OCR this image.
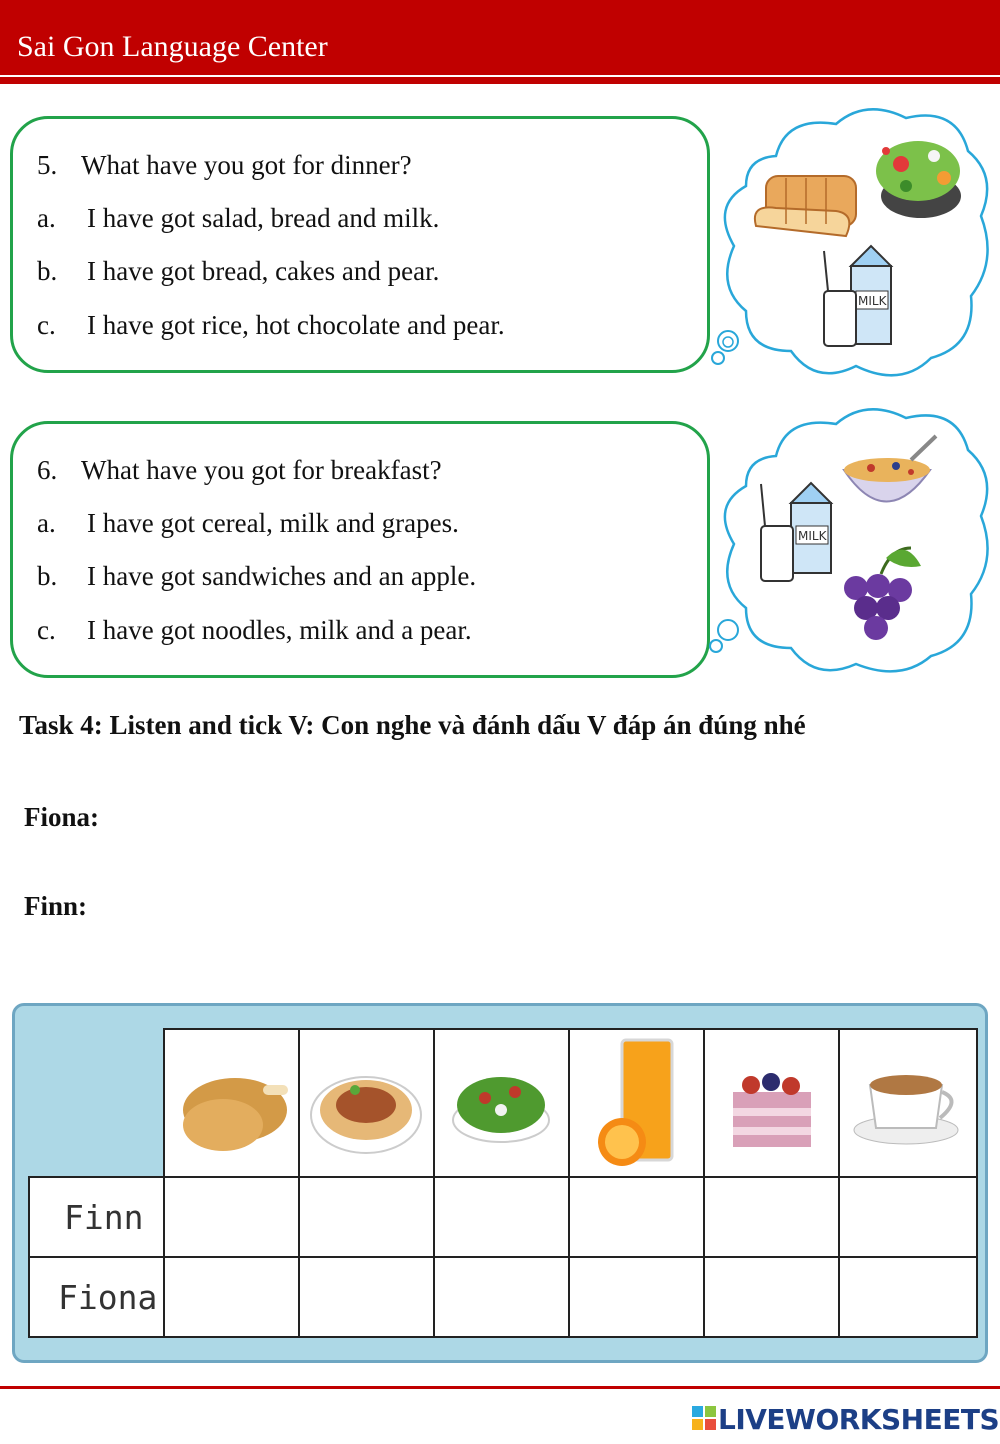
Sai Gon Language Center
5. What have you got for dinner?
a. I have got salad, bread and milk.
b. I have got bread, cakes and pear.
c. I have got rice, hot chocolate and pear.
MILK
6. What have you got for breakfast?
a. I have got cereal, milk and grapes.
b. I have got sandwiches and an apple.
c. I have got noodles, milk and a pear.
MILK
Task 4: Listen and tick V: Con nghe và đánh dấu V đáp án đúng nhé
Fiona:
Finn:
Finn
Fiona
LIVEWORKSHEETS
